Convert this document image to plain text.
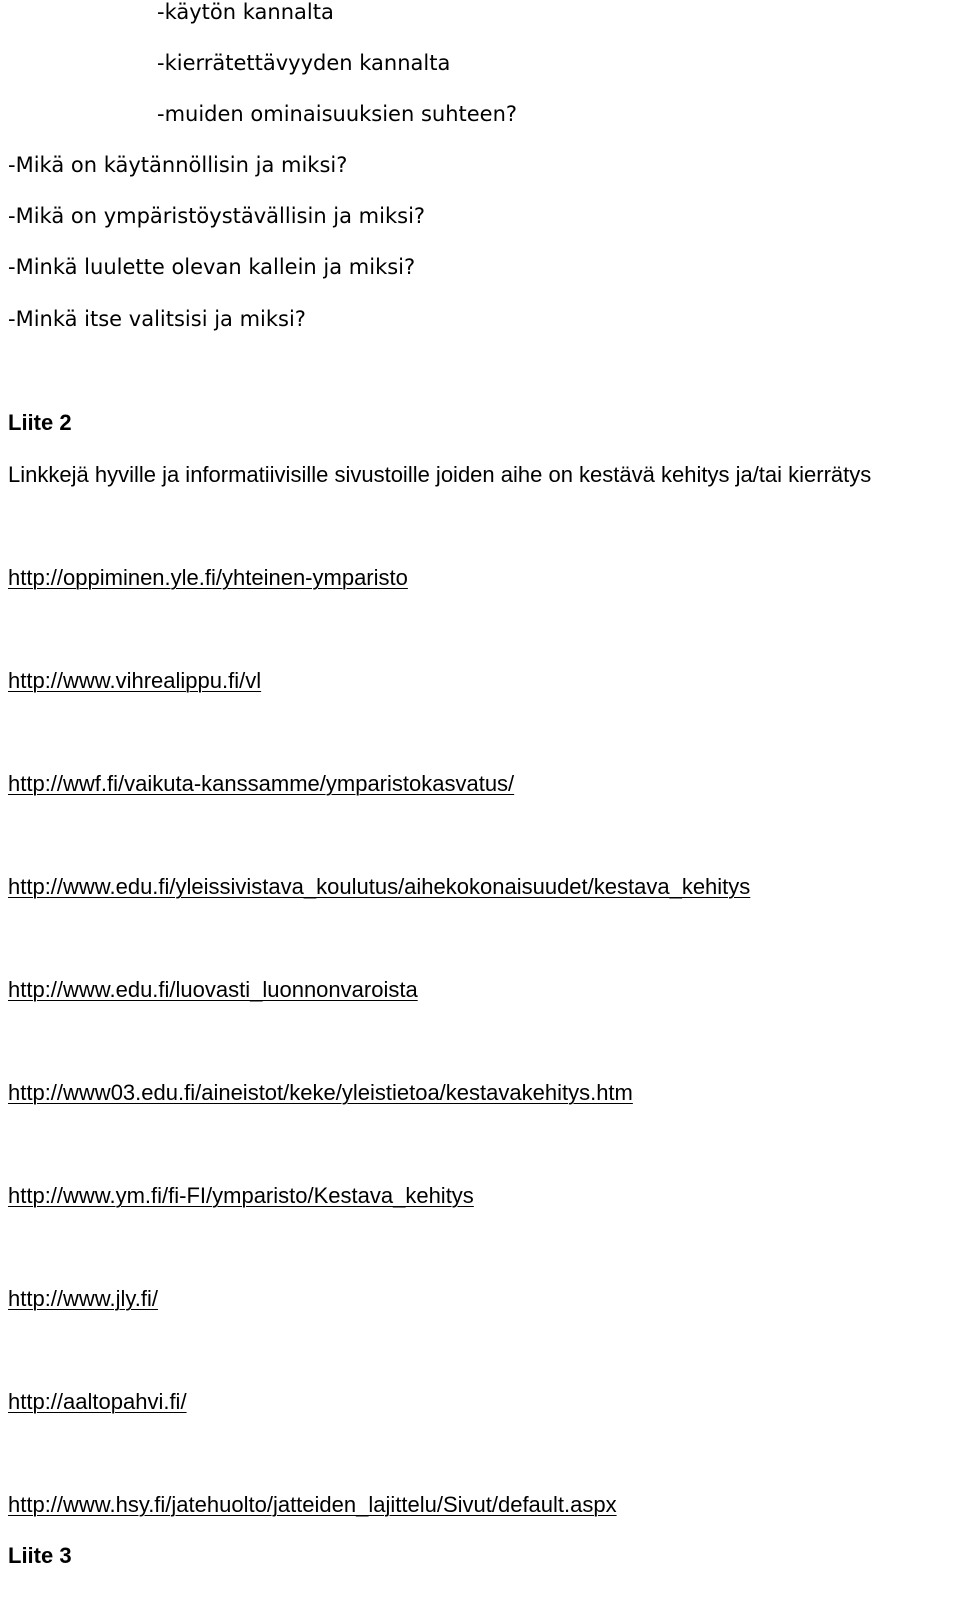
-käytön kannalta
-kierrätettävyyden kannalta
-muiden ominaisuuksien suhteen?
-Mikä on käytännöllisin ja miksi?
-Mikä on ympäristöystävällisin ja miksi?
-Minkä luulette olevan kallein ja miksi?
-Minkä itse valitsisi ja miksi?
Liite 2
Linkkejä hyville ja informatiivisille sivustoille joiden aihe on kestävä kehitys ja/tai kierrätys
http://oppiminen.yle.fi/yhteinen-ymparisto
http://www.vihrealippu.fi/vl
http://wwf.fi/vaikuta-kanssamme/ymparistokasvatus/
http://www.edu.fi/yleissivistava_koulutus/aihekokonaisuudet/kestava_kehitys
http://www.edu.fi/luovasti_luonnonvaroista
http://www03.edu.fi/aineistot/keke/yleistietoa/kestavakehitys.htm
http://www.ym.fi/fi-FI/ymparisto/Kestava_kehitys
http://www.jly.fi/
http://aaltopahvi.fi/
http://www.hsy.fi/jatehuolto/jatteiden_lajittelu/Sivut/default.aspx
Liite 3
